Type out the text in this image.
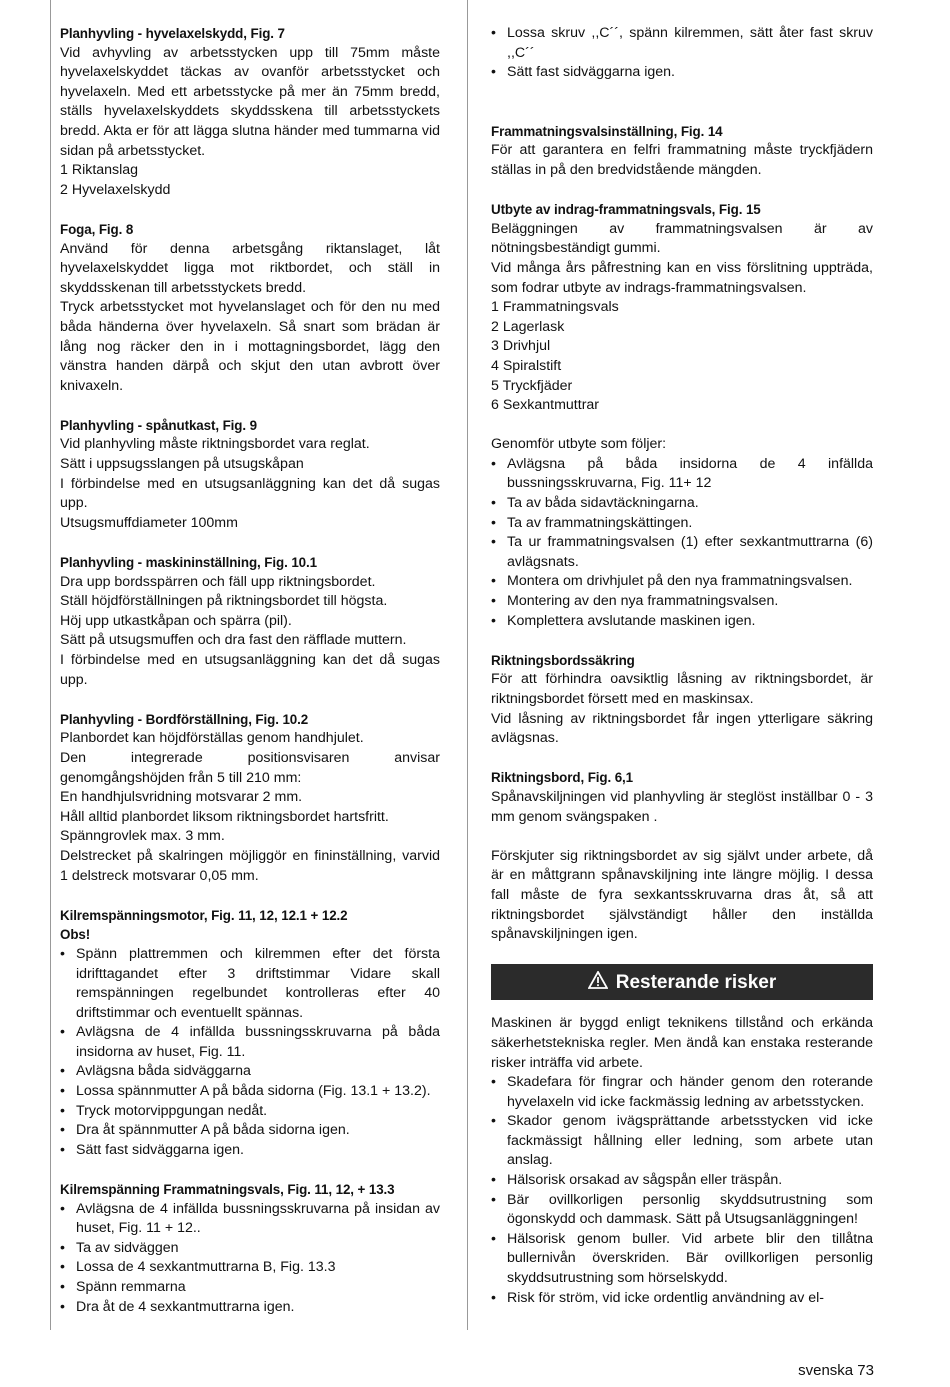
Planhyvling - hyvelaxelskydd, Fig. 7

Vid avhyvling av arbetsstycken upp till 75mm måste hyvelaxelskyddet täckas av ovanför arbetsstycket och hyvelaxeln. Med ett arbetsstycke på mer än 75mm bredd, ställs hyvelaxelskyddets skyddsskena till arbetsstyckets bredd. Akta er för att lägga slutna händer med tummarna vid sidan på arbetsstycket.

1 Riktanslag

2 Hyvelaxelskydd

Foga, Fig. 8

Använd för denna arbetsgång riktanslaget, låt hyvelaxelskyddet ligga mot riktbordet, och ställ in skyddsskenan till arbetsstyckets bredd.

Tryck arbetsstycket mot hyvelanslaget och för den nu med båda händerna över hyvelaxeln. Så snart som brädan är lång nog räcker den in i mottagningsbordet, lägg den vänstra handen därpå och skjut den utan avbrott över knivaxeln.

Planhyvling - spånutkast, Fig. 9

Vid planhyvling måste riktningsbordet vara reglat.

Sätt i uppsugsslangen på utsugskåpan

I förbindelse med en utsugsanläggning kan det då sugas upp.

Utsugsmuffdiameter 100mm

Planhyvling - maskininställning, Fig. 10.1

Dra upp bordsspärren och fäll upp riktningsbordet.

Ställ höjdförställningen på riktningsbordet till högsta.

Höj upp utkastkåpan och spärra (pil).

Sätt på utsugsmuffen och dra fast den räfflade muttern.

I förbindelse med en utsugsanläggning kan det då sugas upp.

Planhyvling - Bordförställning, Fig. 10.2

Planbordet kan höjdförställas genom handhjulet.

Den integrerade positionsvisaren anvisar genomgångshöjden från 5 till 210 mm:

En handhjulsvridning motsvarar 2 mm.

Håll alltid planbordet liksom riktningsbordet hartsfritt.

Spänngrovlek max. 3 mm.

Delstrecket på skalringen möjliggör en fininställning, varvid 1 delstreck motsvarar 0,05 mm.

Kilremspänningsmotor, Fig. 11, 12, 12.1 + 12.2
Obs!
• Spänn plattremmen och kilremmen efter det första idrifttagandet efter 3 driftstimmar Vidare skall remspänningen regelbundet kontrolleras efter 40 driftstimmar och eventuellt spännas.
• Avlägsna de 4 infällda bussningsskruvarna på båda insidorna av huset, Fig. 11.
• Avlägsna båda sidväggarna
• Lossa spännmutter A på båda sidorna (Fig. 13.1 + 13.2).
• Tryck motorvippgungan nedåt.
• Dra åt spännmutter A på båda sidorna igen.
• Sätt fast sidväggarna igen.
Kilremspänning Frammatningsvals, Fig. 11, 12, + 13.3
• Avlägsna de 4 infällda bussningsskruvarna på insidan av huset, Fig. 11 + 12..
• Ta av sidväggen
• Lossa de 4 sexkantmuttrarna B, Fig. 13.3
• Spänn remmarna
• Dra åt de 4 sexkantmuttrarna igen.
• Lossa skruv ,,C´´, spänn kilremmen, sätt åter fast skruv ,,C´´
• Sätt fast sidväggarna igen.
Frammatningsvalsinställning, Fig. 14

För att garantera en felfri frammatning måste tryckfjädern ställas in på den bredvidstående mängden.

Utbyte av indrag-frammatningsvals, Fig. 15

Beläggningen av frammatningsvalsen är av nötningsbeständigt gummi.

Vid många års påfrestning kan en viss förslitning uppträda, som fodrar utbyte av indrags-frammatningsvalsen.

1 Frammatningsvals

2 Lagerlask

3 Drivhjul

4 Spiralstift

5 Tryckfjäder

6 Sexkantmuttrar

Genomför utbyte som följer:

• Avlägsna på båda insidorna de 4 infällda bussningsskruvarna, Fig. 11+ 12
• Ta av båda sidavtäckningarna.
• Ta av frammatningskättingen.
• Ta ur frammatningsvalsen (1) efter sexkantmuttrarna (6) avlägsnats.
• Montera om drivhjulet på den nya frammatningsvalsen.
• Montering av den nya frammatningsvalsen.
• Komplettera avslutande maskinen igen.
Riktningsbordssäkring

För att förhindra oavsiktlig låsning av riktningsbordet, är riktningsbordet försett med en maskinsax.

Vid låsning av riktningsbordet får ingen ytterligare säkring avlägsnas.

Riktningsbord, Fig. 6,1

Spånavskiljningen vid planhyvling är steglöst inställbar 0 - 3 mm genom svängspaken .

Förskjuter sig riktningsbordet av sig självt under arbete, då är en måttgrann spånavskiljning inte längre möjlig. I dessa fall måste de fyra sexkantsskruvarna dras åt, så att riktningsbordet självständigt håller den inställda spånavskiljningen igen.

Resterande risker

Maskinen är byggd enligt teknikens tillstånd och erkända säkerhetstekniska regler. Men ändå kan enstaka resterande risker inträffa vid arbete.

• Skadefara för fingrar och händer genom den roterande hyvelaxeln vid icke fackmässig ledning av arbetsstycken.
• Skador genom ivägsprättande arbetsstycken vid icke fackmässigt hållning eller ledning, som arbete utan anslag.
• Hälsorisk orsakad av sågspån eller träspån.
• Bär ovillkorligen personlig skyddsutrustning som ögonskydd och dammask. Sätt på Utsugsanläggningen!
• Hälsorisk genom buller. Vid arbete blir den tillåtna bullernivån överskriden. Bär ovillkorligen personlig skyddsutrustning som hörselskydd.
• Risk för ström, vid icke ordentlig användning av el-
svenska 73
